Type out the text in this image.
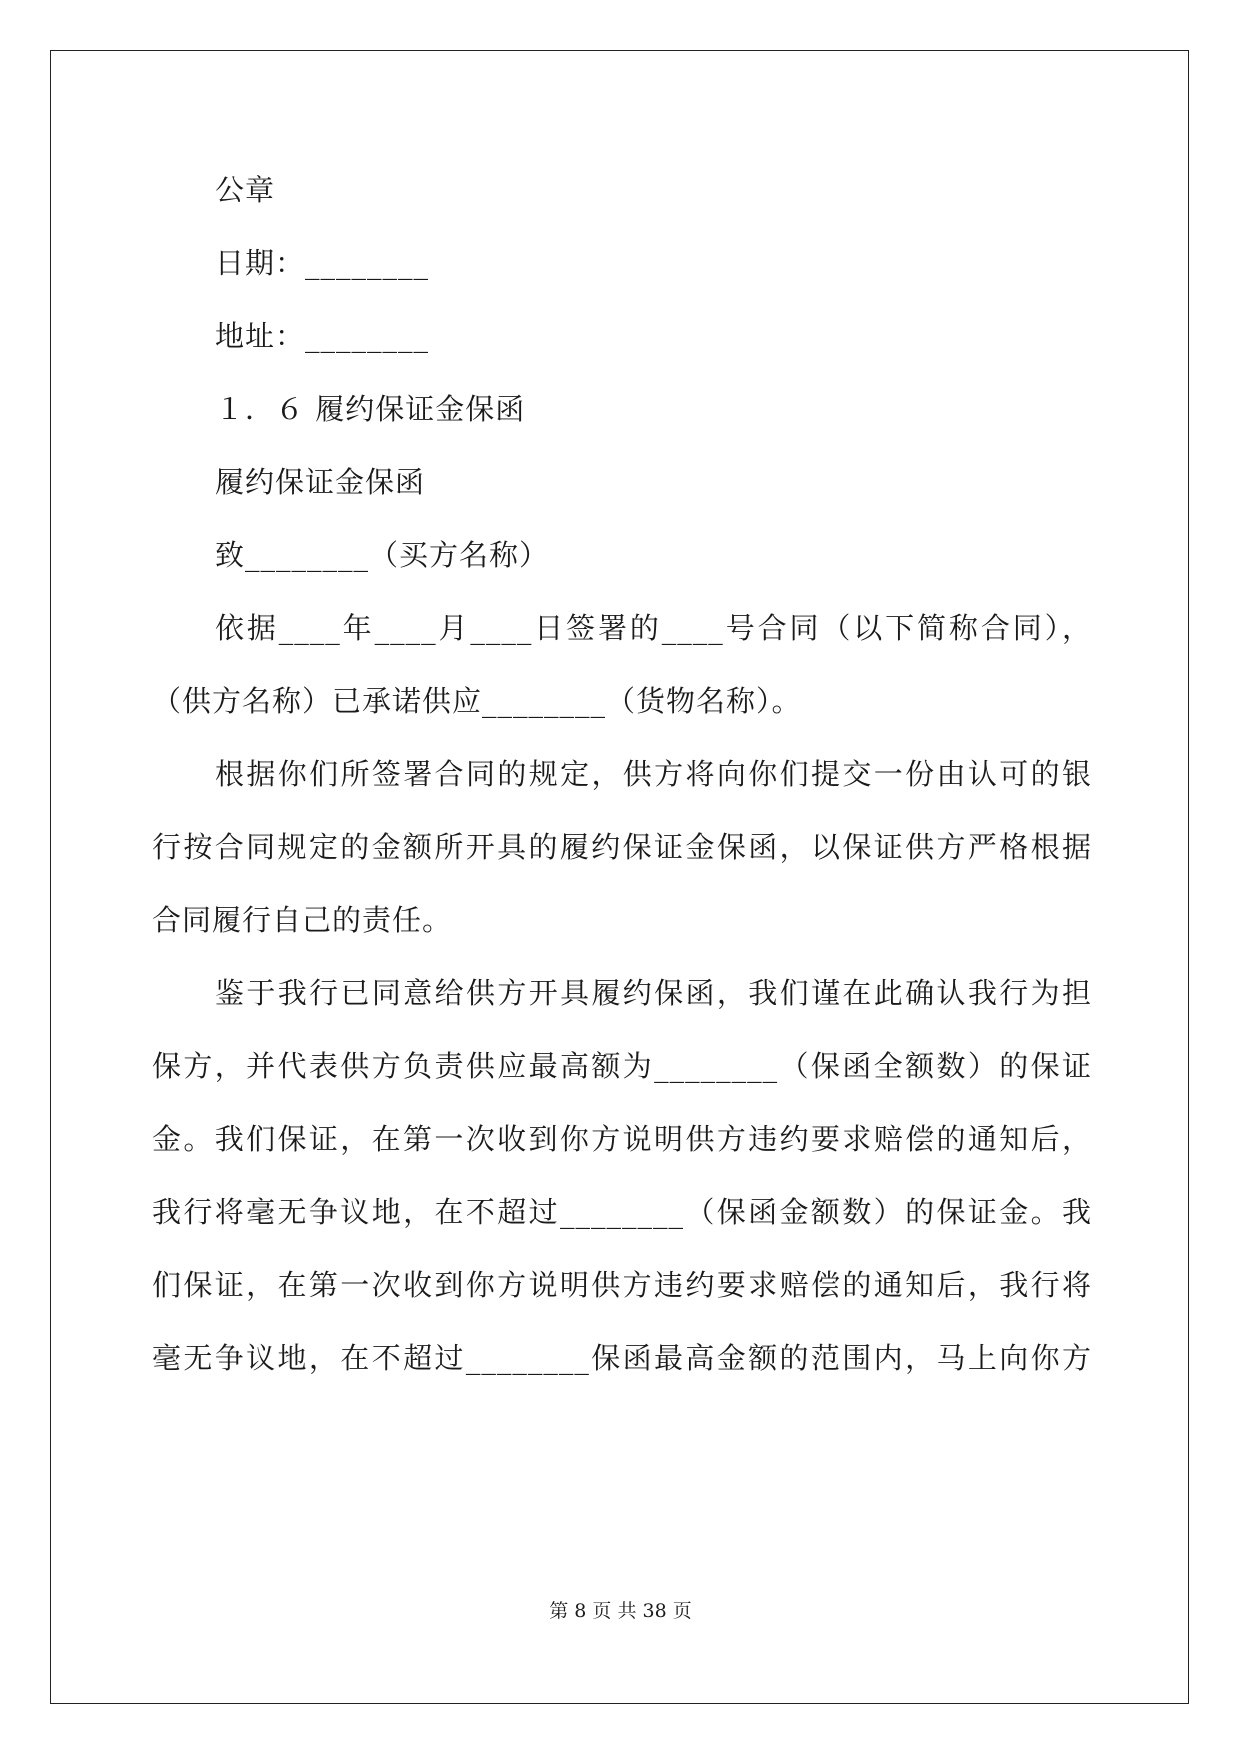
公章
日期：________
地址：________
１．６ 履约保证金保函
履约保证金保函
致________（买方名称）
依据____年____月____日签署的____号合同（以下简称合同），
（供方名称）已承诺供应________（货物名称）。
根据你们所签署合同的规定，供方将向你们提交一份由认可的银
行按合同规定的金额所开具的履约保证金保函，以保证供方严格根据
合同履行自己的责任。
鉴于我行已同意给供方开具履约保函，我们谨在此确认我行为担
保方，并代表供方负责供应最高额为________（保函全额数）的保证
金。我们保证，在第一次收到你方说明供方违约要求赔偿的通知后，
我行将毫无争议地，在不超过________（保函金额数）的保证金。我
们保证，在第一次收到你方说明供方违约要求赔偿的通知后，我行将
毫无争议地，在不超过________保函最高金额的范围内，马上向你方
第 8 页 共 38 页
